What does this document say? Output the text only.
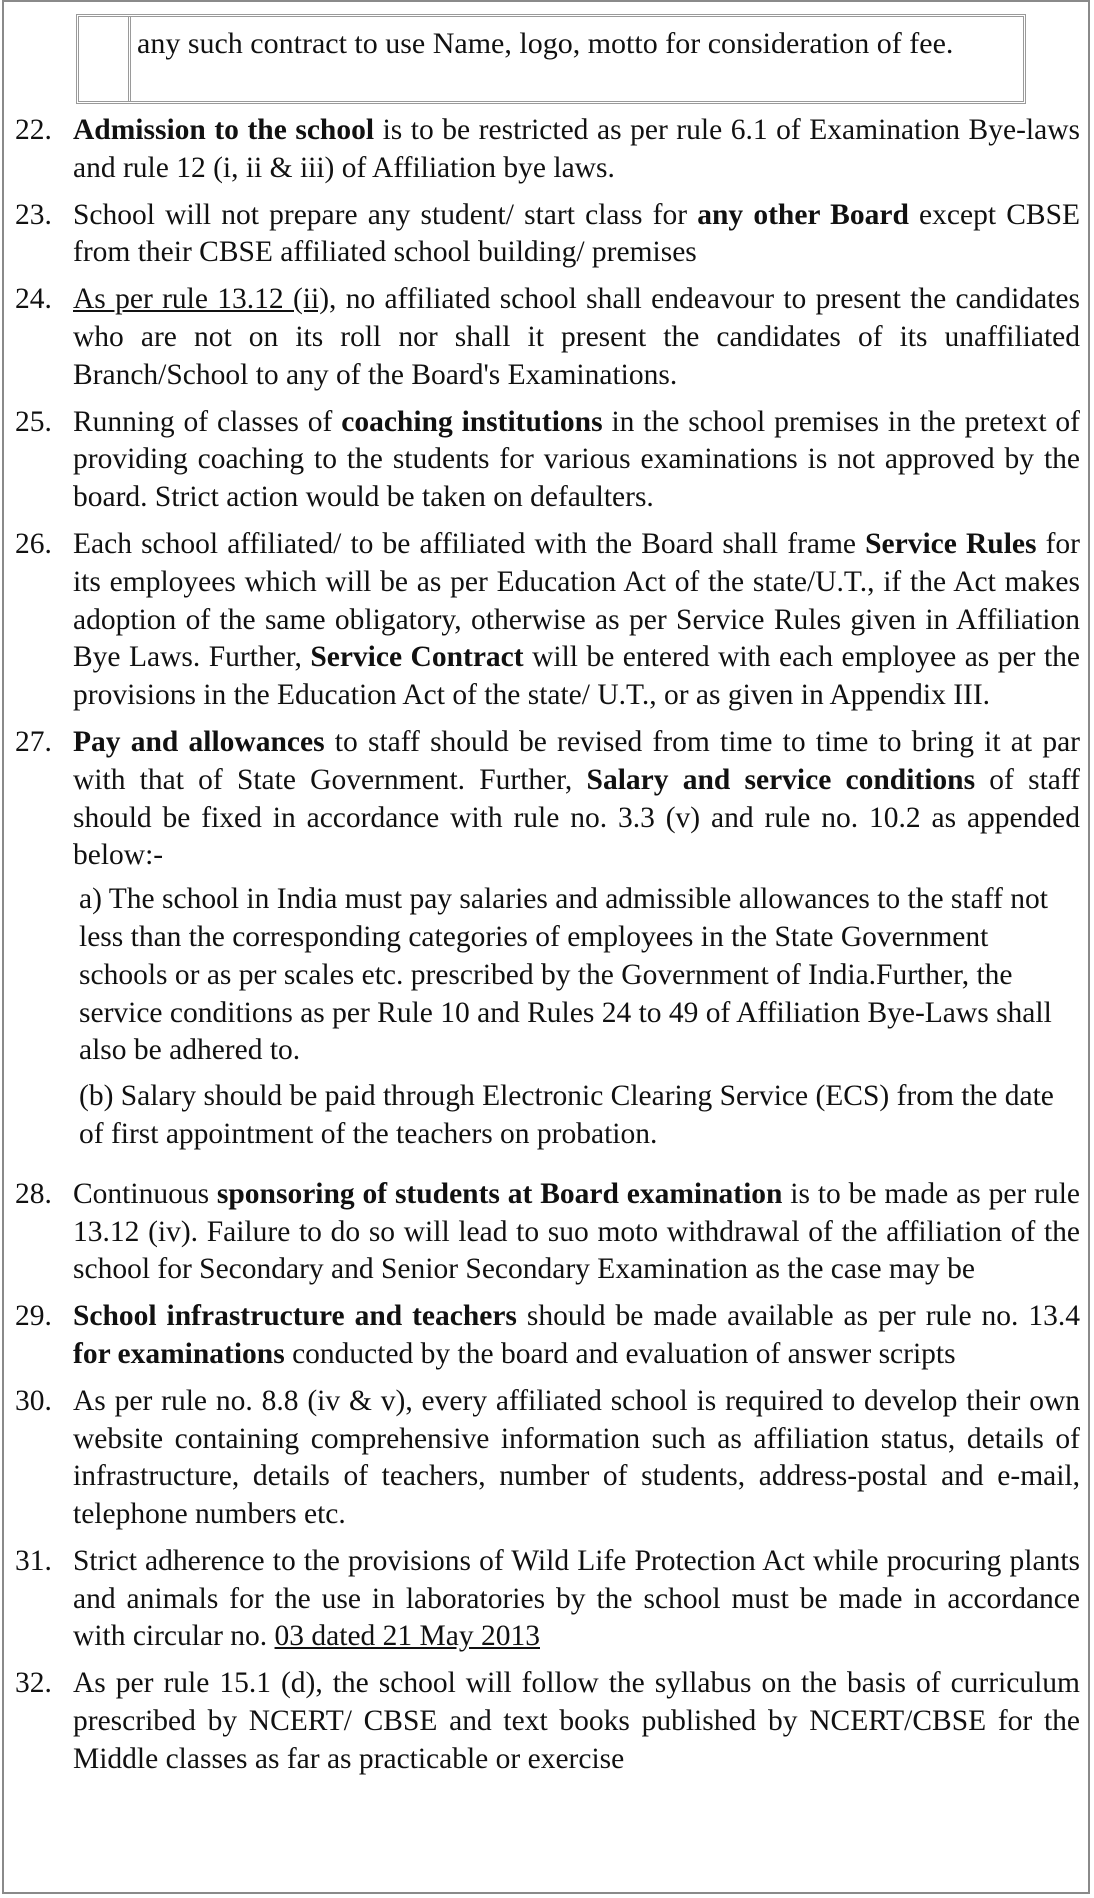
any such contract to use Name, logo, motto for consideration of fee.
22. Admission to the school is to be restricted as per rule 6.1 of Examination Bye-laws and rule 12 (i, ii & iii) of Affiliation bye laws.
23. School will not prepare any student/ start class for any other Board except CBSE from their CBSE affiliated school building/ premises
24. As per rule 13.12 (ii), no affiliated school shall endeavour to present the candidates who are not on its roll nor shall it present the candidates of its unaffiliated Branch/School to any of the Board's Examinations.
25. Running of classes of coaching institutions in the school premises in the pretext of providing coaching to the students for various examinations is not approved by the board. Strict action would be taken on defaulters.
26. Each school affiliated/ to be affiliated with the Board shall frame Service Rules for its employees which will be as per Education Act of the state/U.T., if the Act makes adoption of the same obligatory, otherwise as per Service Rules given in Affiliation Bye Laws. Further, Service Contract will be entered with each employee as per the provisions in the Education Act of the state/ U.T., or as given in Appendix III.
27. Pay and allowances to staff should be revised from time to time to bring it at par with that of State Government. Further, Salary and service conditions of staff should be fixed in accordance with rule no. 3.3 (v) and rule no. 10.2 as appended below:-
a) The school in India must pay salaries and admissible allowances to the staff not less than the corresponding categories of employees in the State Government schools or as per scales etc. prescribed by the Government of India.Further, the service conditions as per Rule 10 and Rules 24 to 49 of Affiliation Bye-Laws shall also be adhered to.
(b) Salary should be paid through Electronic Clearing Service (ECS) from the date of first appointment of the teachers on probation.
28. Continuous sponsoring of students at Board examination is to be made as per rule 13.12 (iv). Failure to do so will lead to suo moto withdrawal of the affiliation of the school for Secondary and Senior Secondary Examination as the case may be
29. School infrastructure and teachers should be made available as per rule no. 13.4 for examinations conducted by the board and evaluation of answer scripts
30. As per rule no. 8.8 (iv & v), every affiliated school is required to develop their own website containing comprehensive information such as affiliation status, details of infrastructure, details of teachers, number of students, address-postal and e-mail, telephone numbers etc.
31. Strict adherence to the provisions of Wild Life Protection Act while procuring plants and animals for the use in laboratories by the school must be made in accordance with circular no. 03 dated 21 May 2013
32. As per rule 15.1 (d), the school will follow the syllabus on the basis of curriculum prescribed by NCERT/ CBSE and text books published by NCERT/CBSE for the Middle classes as far as practicable or exercise
